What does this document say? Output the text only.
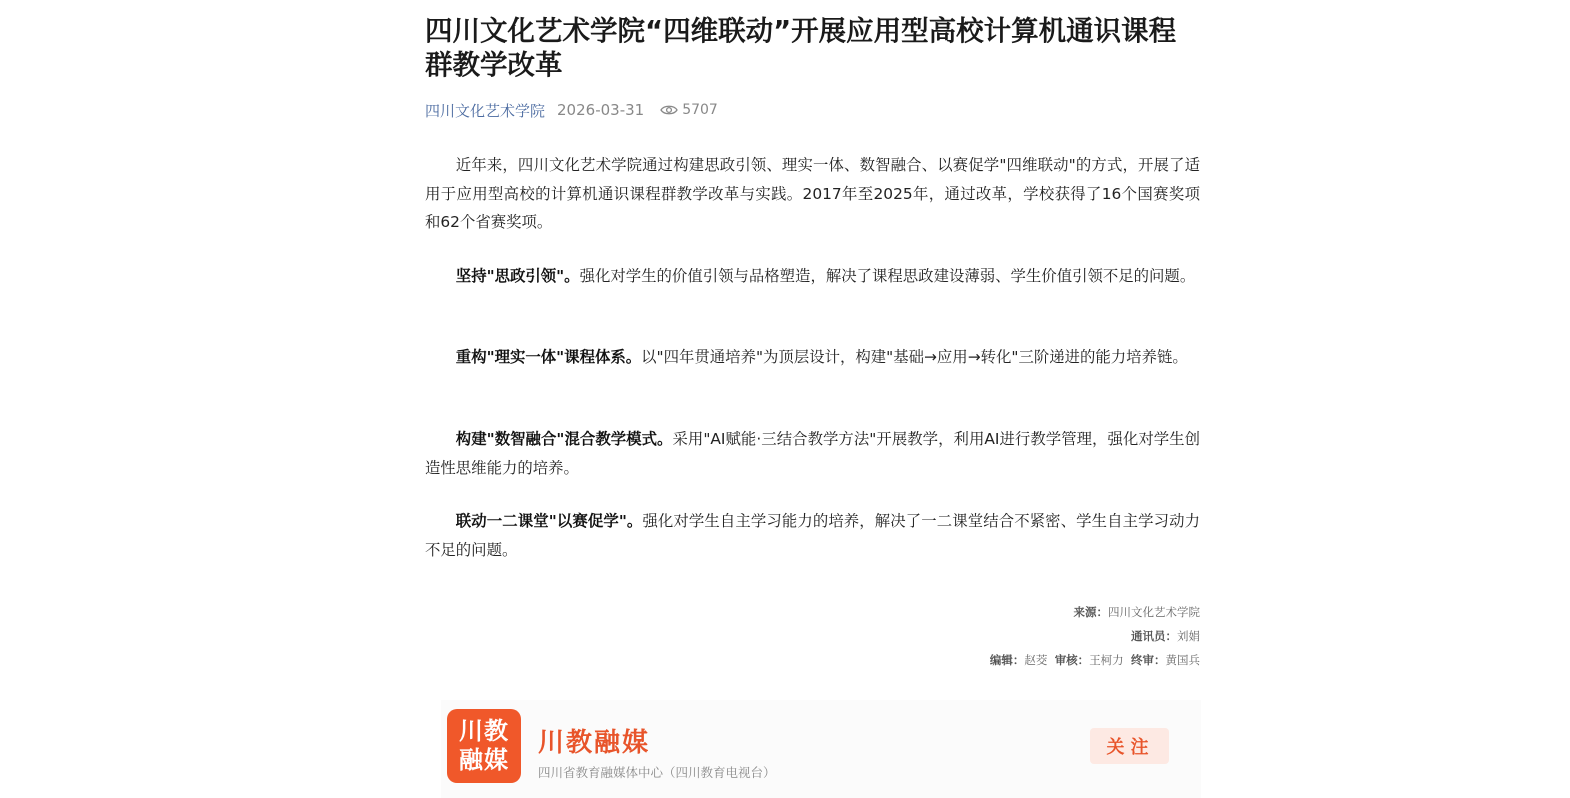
四川文化艺术学院“四维联动”开展应用型高校计算机通识课程群教学改革
四川文化艺术学院 2026-03-31	5707

近年来，四川文化艺术学院通过构建思政引领、理实一体、数智融合、以赛促学"四维联动"的方式，开展了适用于应用型高校的计算机通识课程群教学改革与实践。2017年至2025年，通过改革，学校获得了16个国赛奖项和62个省赛奖项。

坚持"思政引领"。强化对学生的价值引领与品格塑造，解决了课程思政建设薄弱、学生价值引领不足的问题。

重构"理实一体"课程体系。以"四年贯通培养"为顶层设计，构建"基础→应用→转化"三阶递进的能力培养链。

构建"数智融合"混合教学模式。采用"AI赋能·三结合教学方法"开展教学，利用AI进行教学管理，强化对学生创造性思维能力的培养。

联动一二课堂"以赛促学"。强化对学生自主学习能力的培养，解决了一二课堂结合不紧密、学生自主学习动力不足的问题。

来源：四川文化艺术学院
通讯员：刘娟
编辑：赵茭 审核：王柯力 终审：黄国兵
川教
融媒
川教融媒
四川省教育融媒体中心（四川教育电视台）
关注
